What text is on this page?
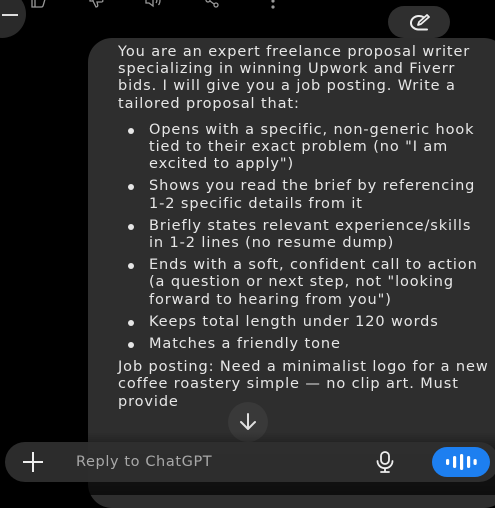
You are an expert freelance proposal writer specializing in winning Upwork and Fiverr bids. I will give you a job posting. Write a tailored proposal that:

Opens with a specific, non-generic hook tied to their exact problem (no "I am excited to apply")
Shows you read the brief by referencing 1-2 specific details from it
Briefly states relevant experience/skills in 1-2 lines (no resume dump)
Ends with a soft, confident call to action (a question or next step, not "looking forward to hearing from you")
Keeps total length under 120 words
Matches a friendly tone

Job posting: Need a minimalist logo for a new coffee roastery simple — no clip art. Must provide

Reply to ChatGPT
